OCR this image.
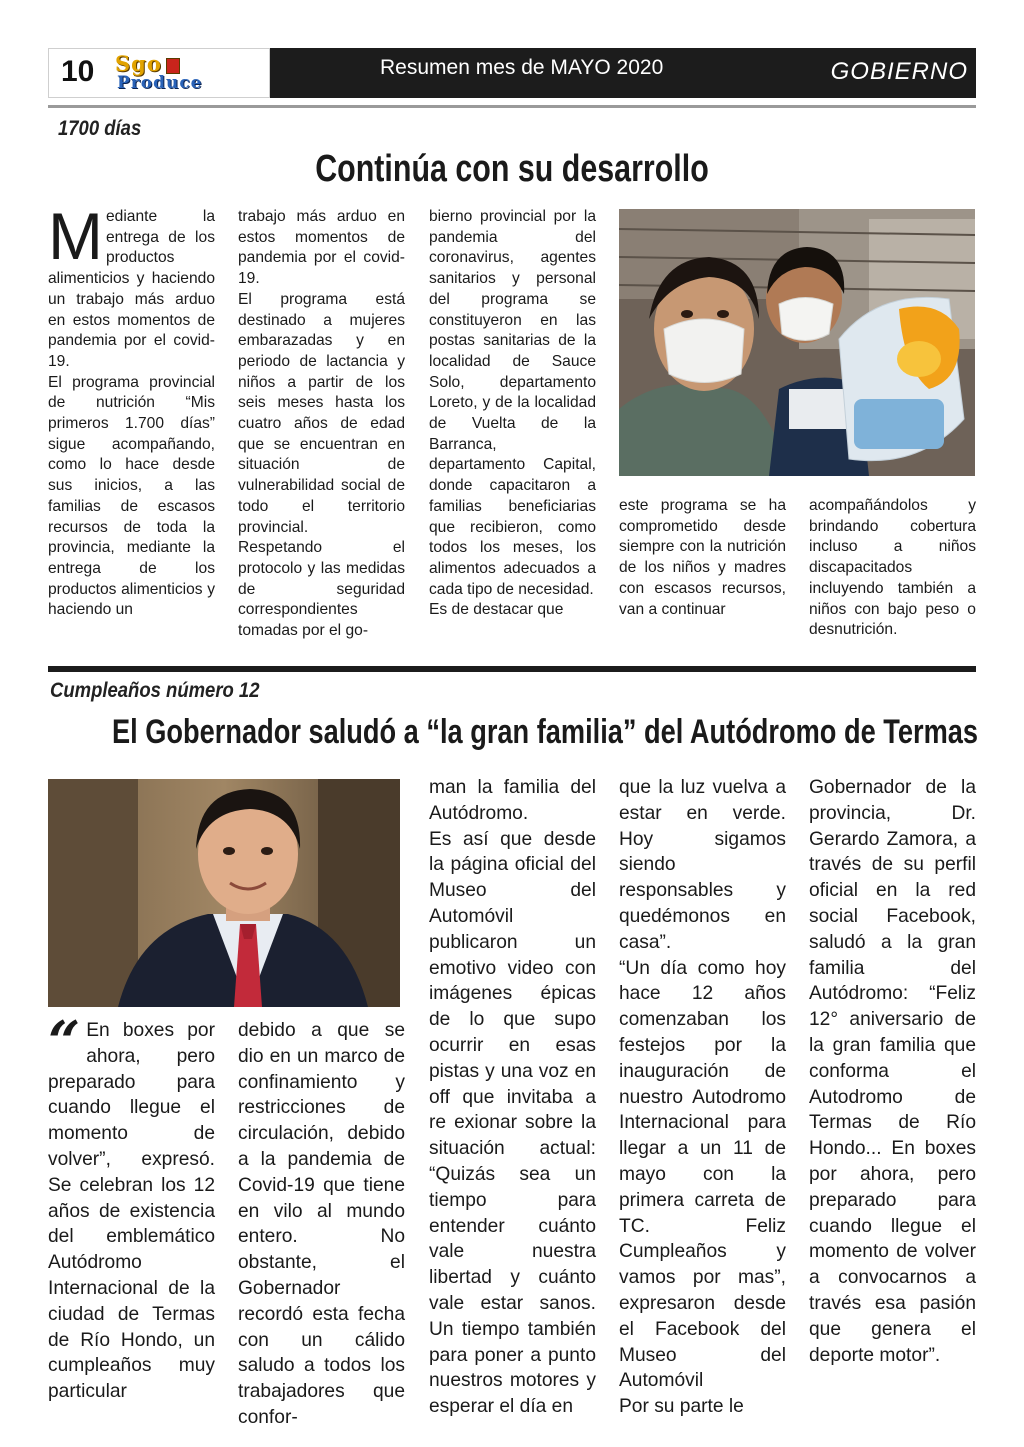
10 Sgo
Produce
Resumen mes de MAYO 2020	GOBIERNO
1700 días
Continúa con su desarrollo
M ediante la entrega de los productos alimenticios y haciendo un trabajo más arduo en estos momentos de pandemia por el covid-19.

El programa provincial de nutrición “Mis primeros 1.700 días” sigue acompañando, como lo hace desde sus inicios, a las familias de escasos recursos de toda la provincia, mediante la entrega de los productos alimenticios y haciendo un

trabajo más arduo en estos momentos de pandemia por el covid-19.

El programa está destinado a mujeres embarazadas y en periodo de lactancia y niños a partir de los seis meses hasta los cuatro años de edad que se encuentran en situación de vulnerabilidad social de todo el territorio provincial.

Respetando el protocolo y las medidas de seguridad correspondientes tomadas por el go-

bierno provincial por la pandemia del coronavirus, agentes sanitarios y personal del programa se constituyeron en las postas sanitarias de la localidad de Sauce Solo, departamento Loreto, y de la localidad de Vuelta de la Barranca, departamento Capital, donde capacitaron a familias beneficiarias que recibieron, como todos los meses, los alimentos adecuados a cada tipo de necesidad.

Es de destacar que

este programa se ha comprometido desde siempre con la nutrición de los niños y madres con escasos recursos, van a continuar

acompañándolos y brindando cobertura incluso a niños discapacitados incluyendo también a niños con bajo peso o desnutrición.

Cumpleaños número 12
El Gobernador saludó a “la gran familia” del Autódromo de Termas
“ En boxes por ahora, pero preparado para cuando llegue el momento de volver”, expresó. Se celebran los 12 años de existencia del emblemático Autódromo Internacional de la ciudad de Termas de Río Hondo, un cumpleaños muy particular

debido a que se dio en un marco de confinamiento y restricciones de circulación, debido a la pandemia de Covid-19 que tiene en vilo al mundo entero. No obstante, el Gobernador recordó esta fecha con un cálido saludo a todos los trabajadores que confor-

man la familia del Autódromo.

Es así que desde la página oficial del Museo del Automóvil publicaron un emotivo video con imágenes épicas de lo que supo ocurrir en esas pistas y una voz en off que invitaba a re exionar sobre la situación actual: “Quizás sea un tiempo para entender cuánto vale nuestra libertad y cuánto vale estar sanos. Un tiempo también para poner a punto nuestros motores y esperar el día en

que la luz vuelva a estar en verde. Hoy sigamos siendo responsables y quedémonos en casa”.

“Un día como hoy hace 12 años comenzaban los festejos por la inauguración de nuestro Autodromo Internacional para llegar a un 11 de mayo con la primera carreta de TC. Feliz Cumpleaños y vamos por mas”, expresaron desde el Facebook del Museo del Automóvil

Por su parte le

Gobernador de la provincia, Dr. Gerardo Zamora, a través de su perfil oficial en la red social Facebook, saludó a la gran familia del Autódromo: “Feliz 12° aniversario de la gran familia que conforma el Autodromo de Termas de Río Hondo... En boxes por ahora, pero preparado para cuando llegue el momento de volver a convocarnos a través esa pasión que genera el deporte motor”.
